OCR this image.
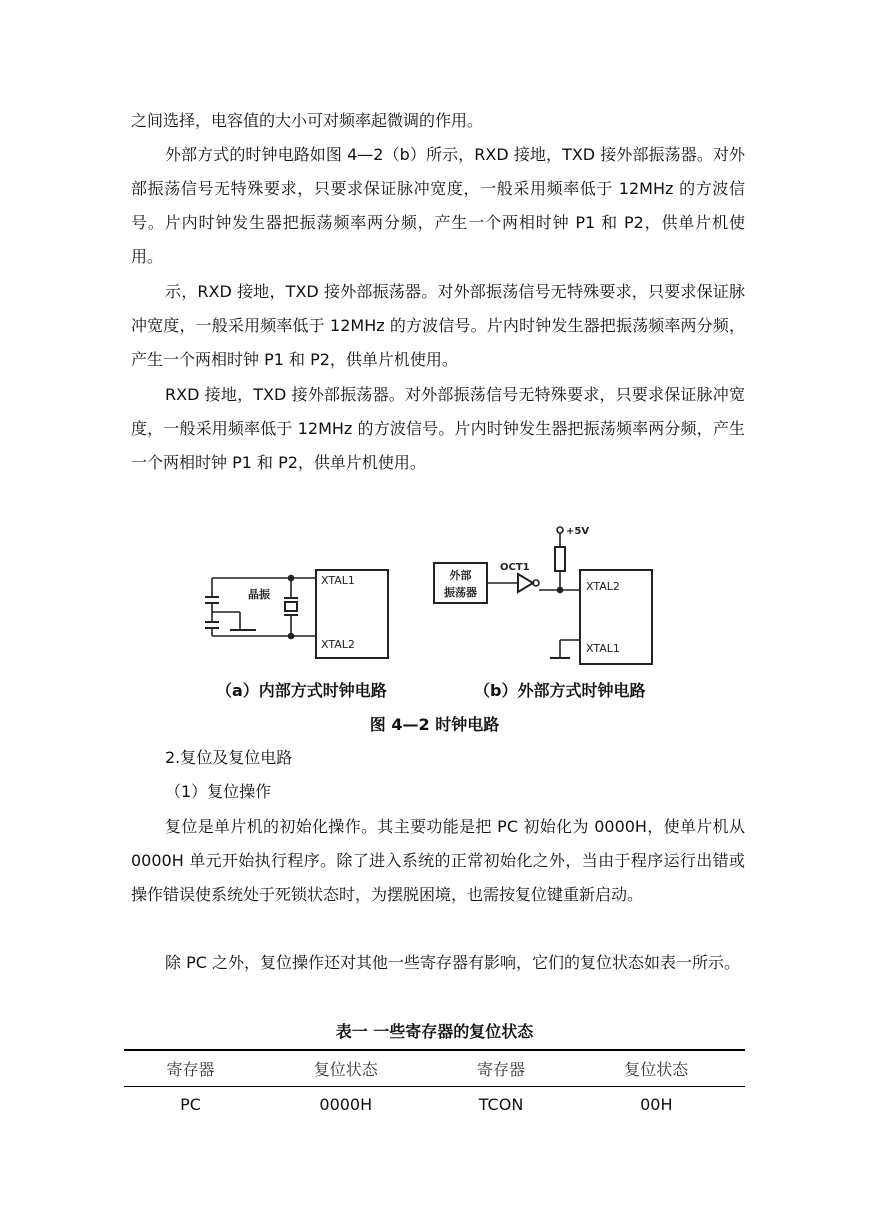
之间选择，电容值的大小可对频率起微调的作用。

外部方式的时钟电路如图 4—2（b）所示，RXD 接地，TXD 接外部振荡器。对外部振荡信号无特殊要求，只要求保证脉冲宽度，一般采用频率低于 12MHz 的方波信号。片内时钟发生器把振荡频率两分频，产生一个两相时钟 P1 和 P2，供单片机使用。

示，RXD 接地，TXD 接外部振荡器。对外部振荡信号无特殊要求，只要求保证脉冲宽度，一般采用频率低于 12MHz 的方波信号。片内时钟发生器把振荡频率两分频，产生一个两相时钟 P1 和 P2，供单片机使用。

RXD 接地，TXD 接外部振荡器。对外部振荡信号无特殊要求，只要求保证脉冲宽度，一般采用频率低于 12MHz 的方波信号。片内时钟发生器把振荡频率两分频，产生一个两相时钟 P1 和 P2，供单片机使用。

XTAL1
XTAL2
晶振
+5V
外部
振荡器
OCT1
XTAL2
XTAL1
（a）内部方式时钟电路	（b）外部方式时钟电路
图 4—2 时钟电路
2.复位及复位电路
（1）复位操作

复位是单片机的初始化操作。其主要功能是把 PC 初始化为 0000H，使单片机从 0000H 单元开始执行程序。除了进入系统的正常初始化之外，当由于程序运行出错或操作错误使系统处于死锁状态时，为摆脱困境，也需按复位键重新启动。

除 PC 之外，复位操作还对其他一些寄存器有影响，它们的复位状态如表一所示。

表一 一些寄存器的复位状态
寄存器	复位状态	寄存器	复位状态
PC	0000H	TCON	00H
